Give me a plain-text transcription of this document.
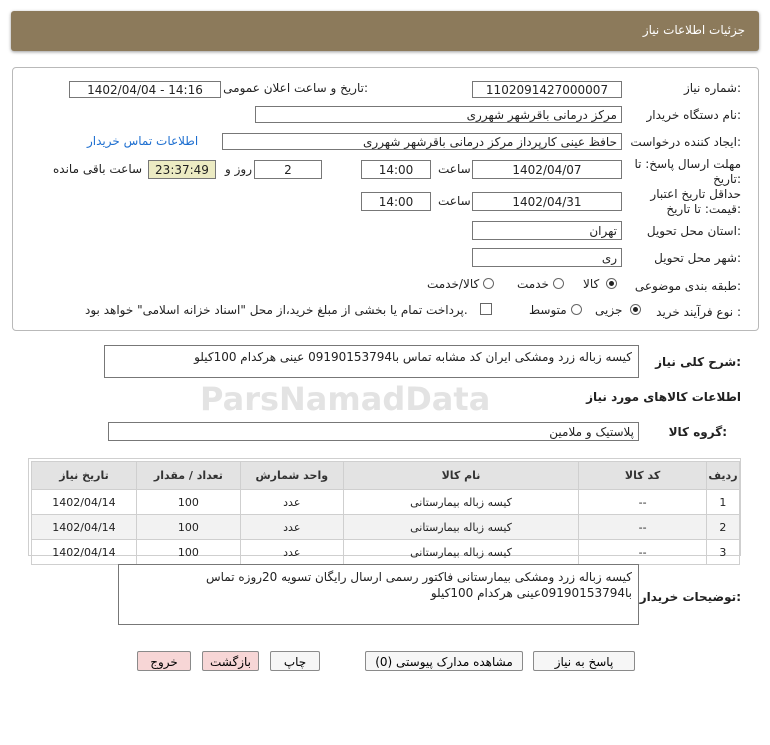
جزئیات اطلاعات نیاز
ParsNamadData
شماره نیاز:
1102091427000007
تاریخ و ساعت اعلان عمومی:
1402/04/04 - 14:16
نام دستگاه خریدار:
مرکز درمانی باقرشهر شهرری
ایجاد کننده درخواست:
حافظ عینی کارپرداز مرکز درمانی باقرشهر شهرری
اطلاعات تماس خریدار
مهلت ارسال پاسخ: تا
تاریخ:
1402/04/07
ساعت
14:00
2
روز و
23:37:49
ساعت باقی مانده
حداقل تاریخ اعتبار
قیمت: تا تاریخ:
1402/04/31
ساعت
14:00
استان محل تحویل:
تهران
شهر محل تحویل:
ری
طبقه بندی موضوعی:
کالا
خدمت
کالا/خدمت
نوع فرآیند خرید :
جزیی
متوسط
پرداخت تمام یا بخشی از مبلغ خرید،از محل "اسناد خزانه اسلامی" خواهد بود.
شرح کلی نیاز:
کیسه زباله زرد ومشکی ایران کد مشابه تماس با09190153794 عینی هرکدام 100کیلو
اطلاعات کالاهای مورد نیاز
گروه کالا:
پلاستیک و ملامین
ردیف	کد کالا	نام کالا	واحد شمارش	تعداد / مقدار	تاریخ نیاز
1	--	کیسه زباله بیمارستانی	عدد	100	1402/04/14
2	--	کیسه زباله بیمارستانی	عدد	100	1402/04/14
3	--	کیسه زباله بیمارستانی	عدد	100	1402/04/14
توضیحات خریدار:
کیسه زباله زرد ومشکی بیمارستانی فاکتور رسمی ارسال رایگان تسویه 20روزه تماس
با09190153794عینی هرکدام 100کیلو
پاسخ به نیاز
مشاهده مدارک پیوستی (0)
چاپ
بازگشت
خروج
